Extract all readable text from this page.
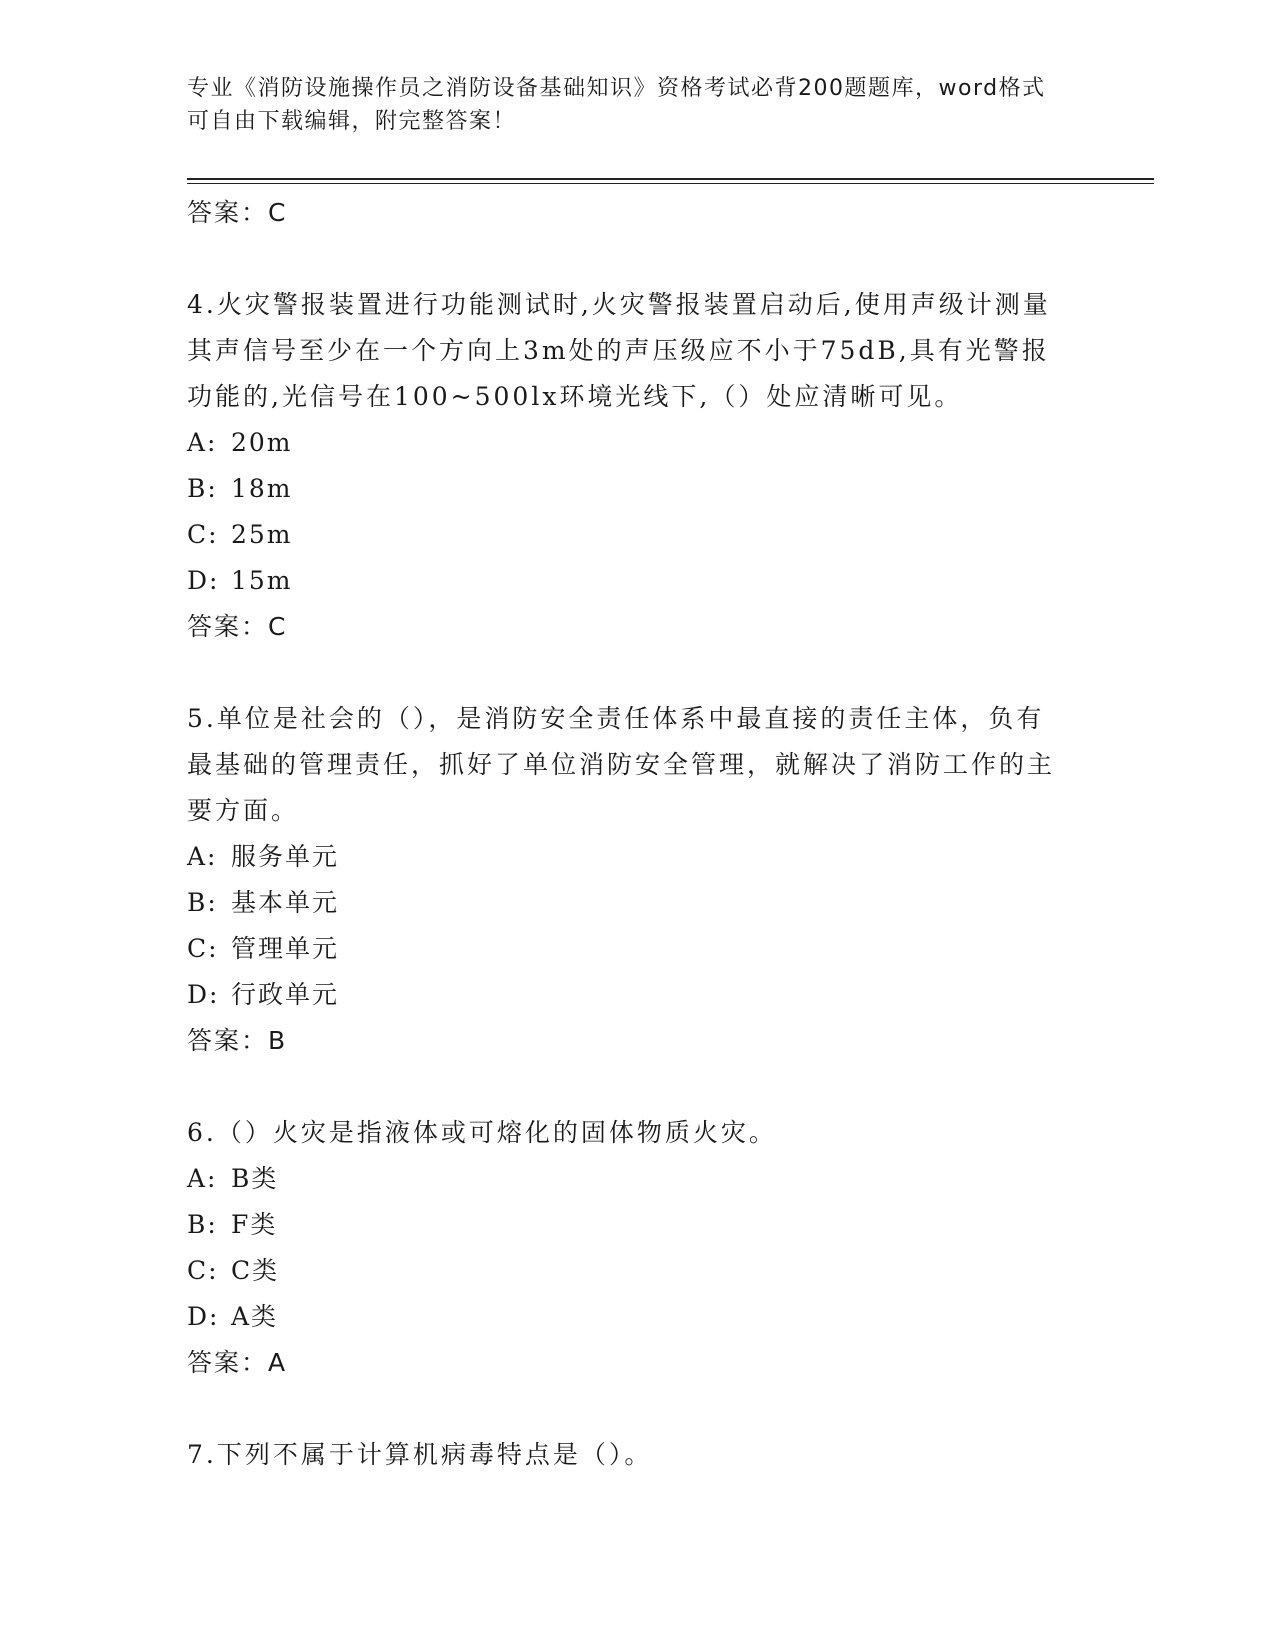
专业《消防设施操作员之消防设备基础知识》资格考试必背200题题库，word格式可自由下载编辑，附完整答案！
答案：C

4.火灾警报装置进行功能测试时,火灾警报装置启动后,使用声级计测量其声信号至少在一个方向上3m处的声压级应不小于75dB,具有光警报功能的,光信号在100~500lx环境光线下,（）处应清晰可见。

A: 20m
B: 18m
C: 25m
D: 15m
答案：C

5.单位是社会的（），是消防安全责任体系中最直接的责任主体，负有最基础的管理责任，抓好了单位消防安全管理，就解决了消防工作的主要方面。

A: 服务单元
B: 基本单元
C: 管理单元
D: 行政单元
答案：B

6.（）火灾是指液体或可熔化的固体物质火灾。

A: B类
B: F类
C: C类
D: A类
答案：A

7.下列不属于计算机病毒特点是（）。
